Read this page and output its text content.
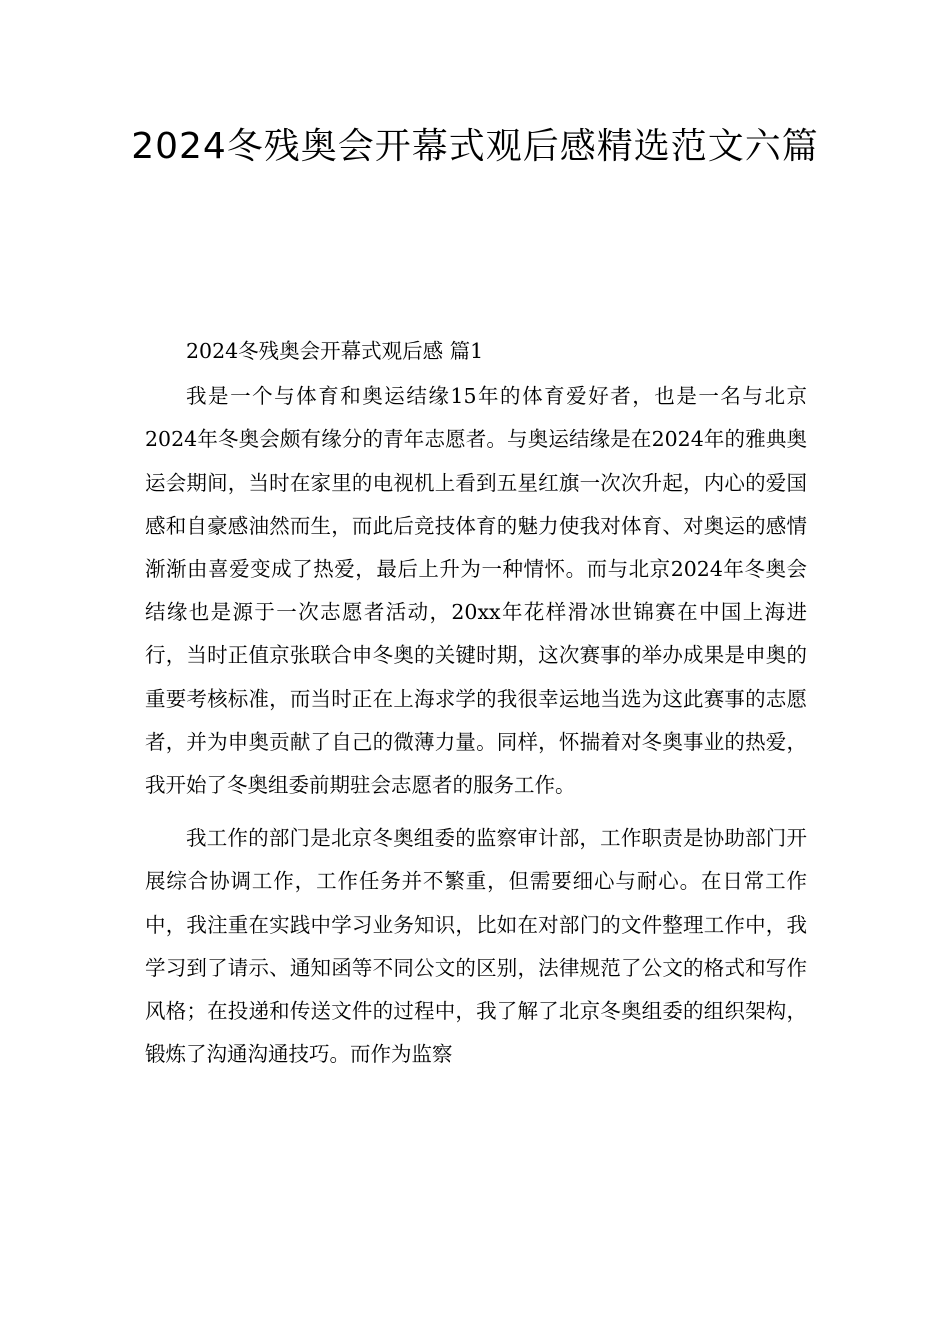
2024冬残奥会开幕式观后感精选范文六篇

2024冬残奥会开幕式观后感 篇1

我是一个与体育和奥运结缘15年的体育爱好者，也是一名与北京2024年冬奥会颇有缘分的青年志愿者。与奥运结缘是在2024年的雅典奥运会期间，当时在家里的电视机上看到五星红旗一次次升起，内心的爱国感和自豪感油然而生，而此后竞技体育的魅力使我对体育、对奥运的感情渐渐由喜爱变成了热爱，最后上升为一种情怀。而与北京2024年冬奥会结缘也是源于一次志愿者活动，20xx年花样滑冰世锦赛在中国上海进行，当时正值京张联合申冬奥的关键时期，这次赛事的举办成果是申奥的重要考核标准，而当时正在上海求学的我很幸运地当选为这此赛事的志愿者，并为申奥贡献了自己的微薄力量。同样，怀揣着对冬奥事业的热爱，我开始了冬奥组委前期驻会志愿者的服务工作。

我工作的部门是北京冬奥组委的监察审计部，工作职责是协助部门开展综合协调工作，工作任务并不繁重，但需要细心与耐心。在日常工作中，我注重在实践中学习业务知识，比如在对部门的文件整理工作中，我学习到了请示、通知函等不同公文的区别，法律规范了公文的格式和写作风格；在投递和传送文件的过程中，我了解了北京冬奥组委的组织架构，锻炼了沟通沟通技巧。而作为监察
